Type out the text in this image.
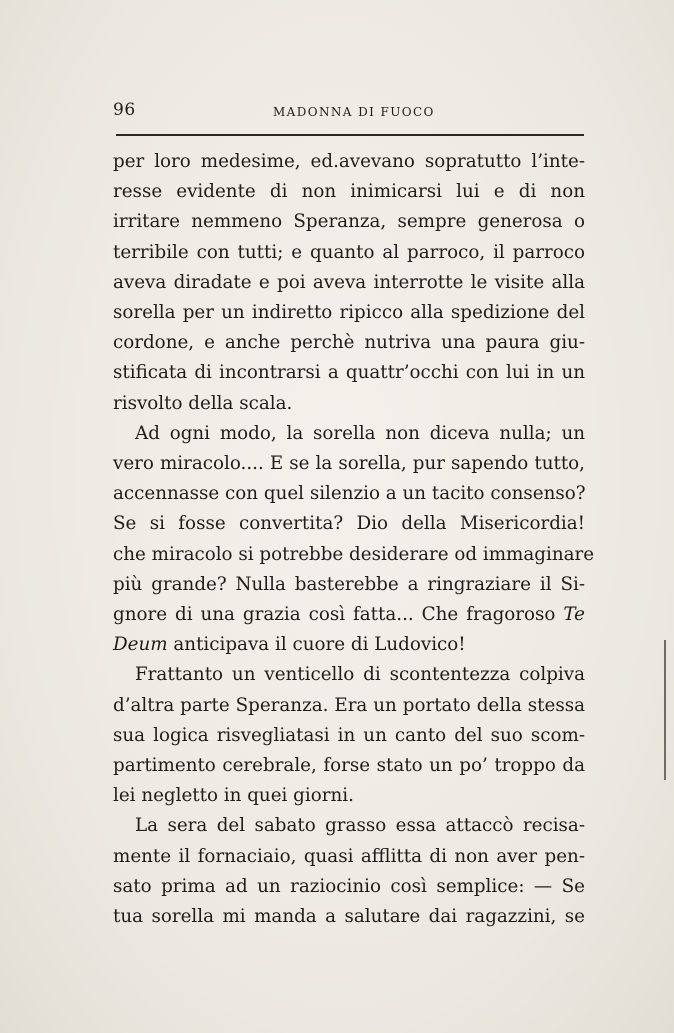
96	MADONNA DI FUOCO
per loro medesime, ed.avevano sopratutto l’inte-
resse evidente di non inimicarsi lui e di non
irritare nemmeno Speranza, sempre generosa o
terribile con tutti; e quanto al parroco, il parroco
aveva diradate e poi aveva interrotte le visite alla
sorella per un indiretto ripicco alla spedizione del
cordone, e anche perchè nutriva una paura giu-
stificata di incontrarsi a quattr’occhi con lui in un
risvolto della scala.
Ad ogni modo, la sorella non diceva nulla; un
vero miracolo.... E se la sorella, pur sapendo tutto,
accennasse con quel silenzio a un tacito consenso?
Se si fosse convertita? Dio della Misericordia!
che miracolo si potrebbe desiderare od immaginare
più grande? Nulla basterebbe a ringraziare il Si-
gnore di una grazia così fatta... Che fragoroso Te
Deum anticipava il cuore di Ludovico!
Frattanto un venticello di scontentezza colpiva
d’altra parte Speranza. Era un portato della stessa
sua logica risvegliatasi in un canto del suo scom-
partimento cerebrale, forse stato un po’ troppo da
lei negletto in quei giorni.
La sera del sabato grasso essa attaccò recisa-
mente il fornaciaio, quasi afflitta di non aver pen-
sato prima ad un raziocinio così semplice: — Se
tua sorella mi manda a salutare dai ragazzini, se
